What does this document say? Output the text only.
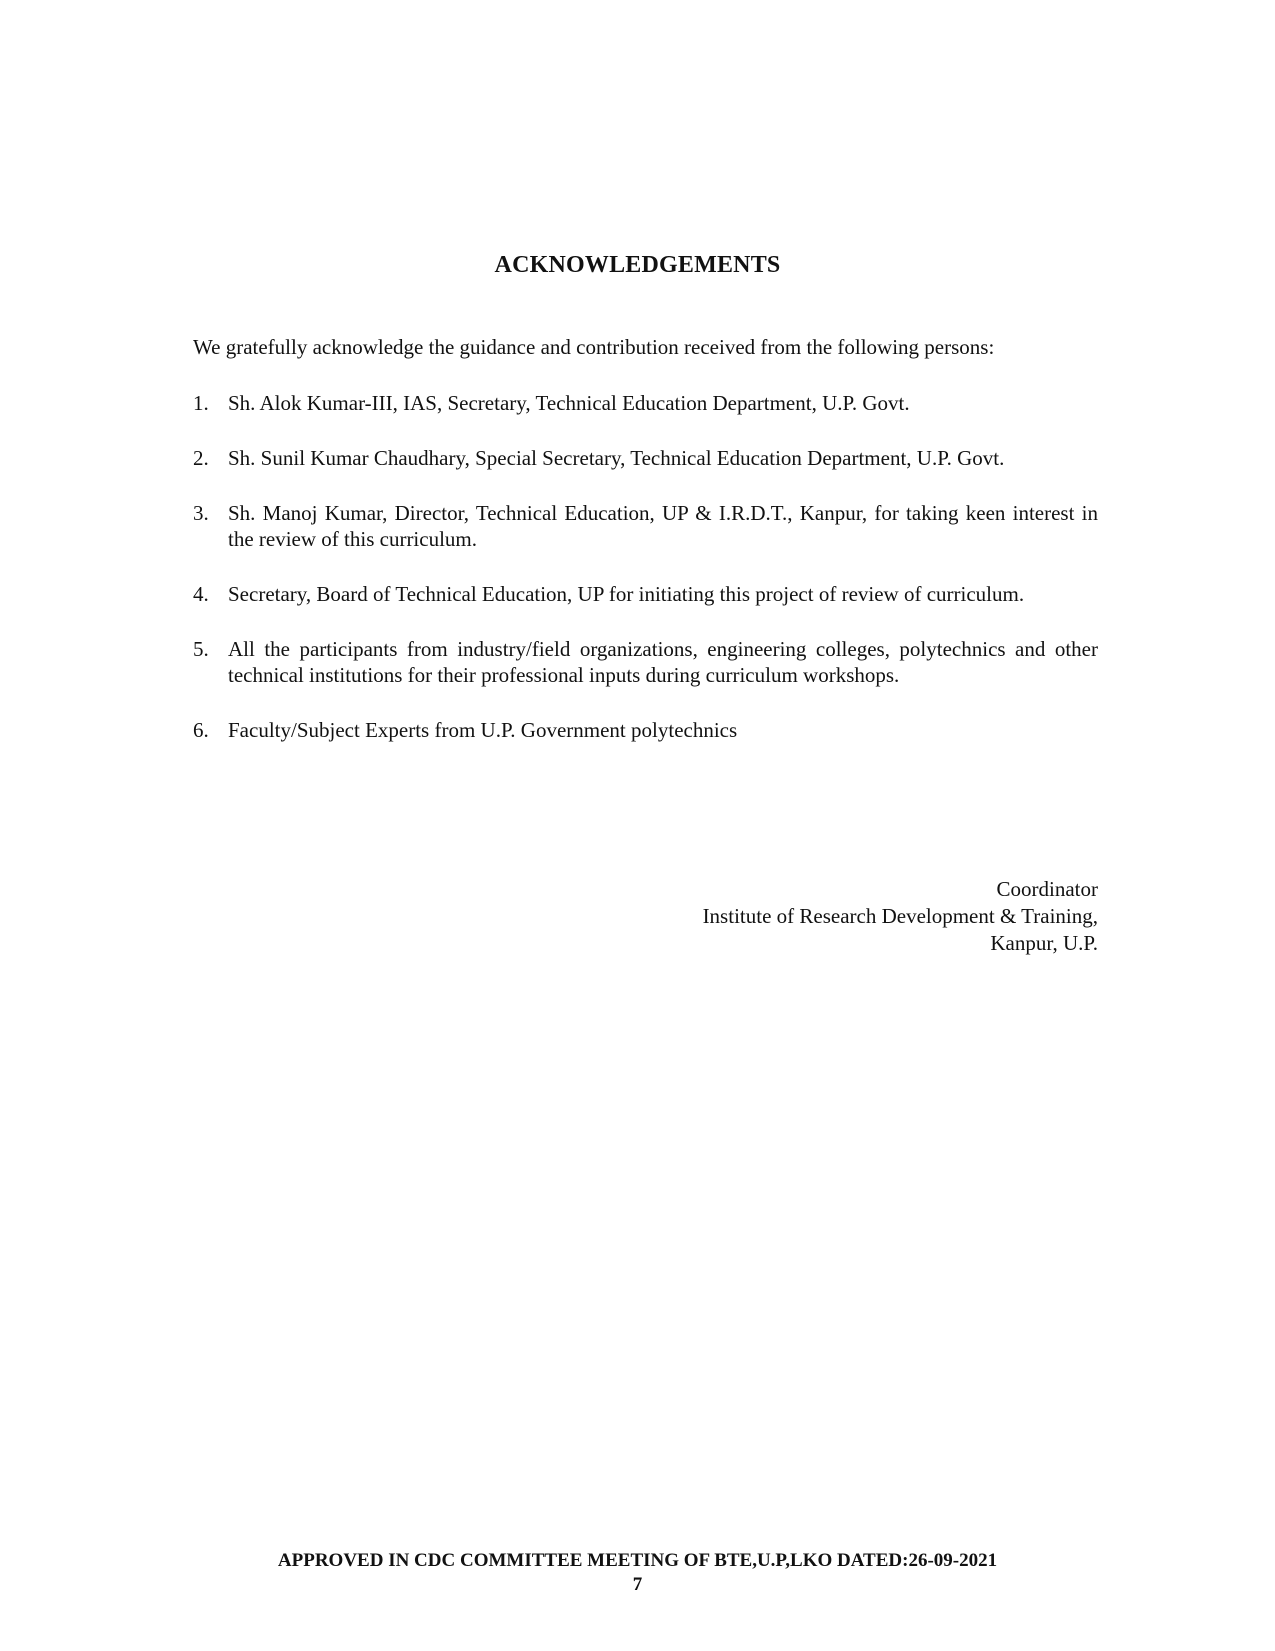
ACKNOWLEDGEMENTS

We gratefully acknowledge the guidance and contribution received from the following persons:

1. Sh. Alok Kumar-III, IAS, Secretary, Technical Education Department, U.P. Govt.
2. Sh. Sunil Kumar Chaudhary, Special Secretary, Technical Education Department, U.P. Govt.
3. Sh. Manoj Kumar, Director, Technical Education, UP & I.R.D.T., Kanpur, for taking keen interest in the review of this curriculum.
4. Secretary, Board of Technical Education, UP for initiating this project of review of curriculum.
5. All the participants from industry/field organizations, engineering colleges, polytechnics and other technical institutions for their professional inputs during curriculum workshops.
6. Faculty/Subject Experts from U.P. Government polytechnics
Coordinator
Institute of Research Development & Training,
Kanpur, U.P.
APPROVED IN CDC COMMITTEE MEETING OF BTE,U.P,LKO DATED:26-09-2021
7
